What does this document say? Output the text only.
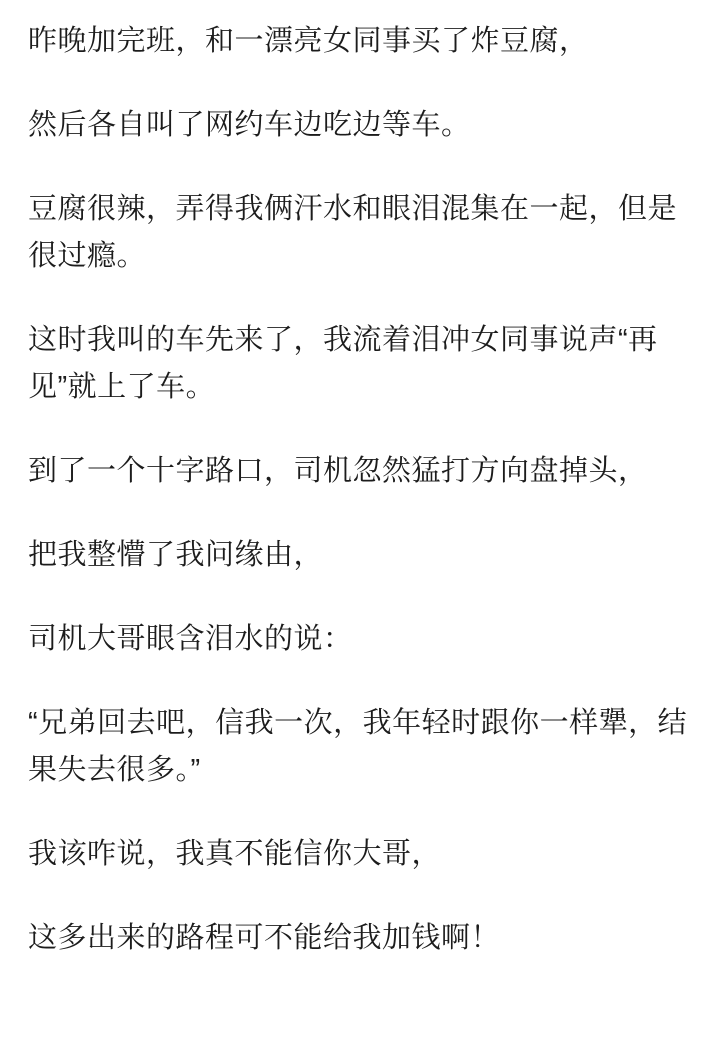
昨晚加完班，和一漂亮女同事买了炸豆腐，

然后各自叫了网约车边吃边等车。

豆腐很辣，弄得我俩汗水和眼泪混集在一起，但是很过瘾。

这时我叫的车先来了，我流着泪冲女同事说声“再见”就上了车。

到了一个十字路口，司机忽然猛打方向盘掉头，

把我整懵了我问缘由，

司机大哥眼含泪水的说：

“兄弟回去吧，信我一次，我年轻时跟你一样犟，结果失去很多。”

我该咋说，我真不能信你大哥，

这多出来的路程可不能给我加钱啊！
